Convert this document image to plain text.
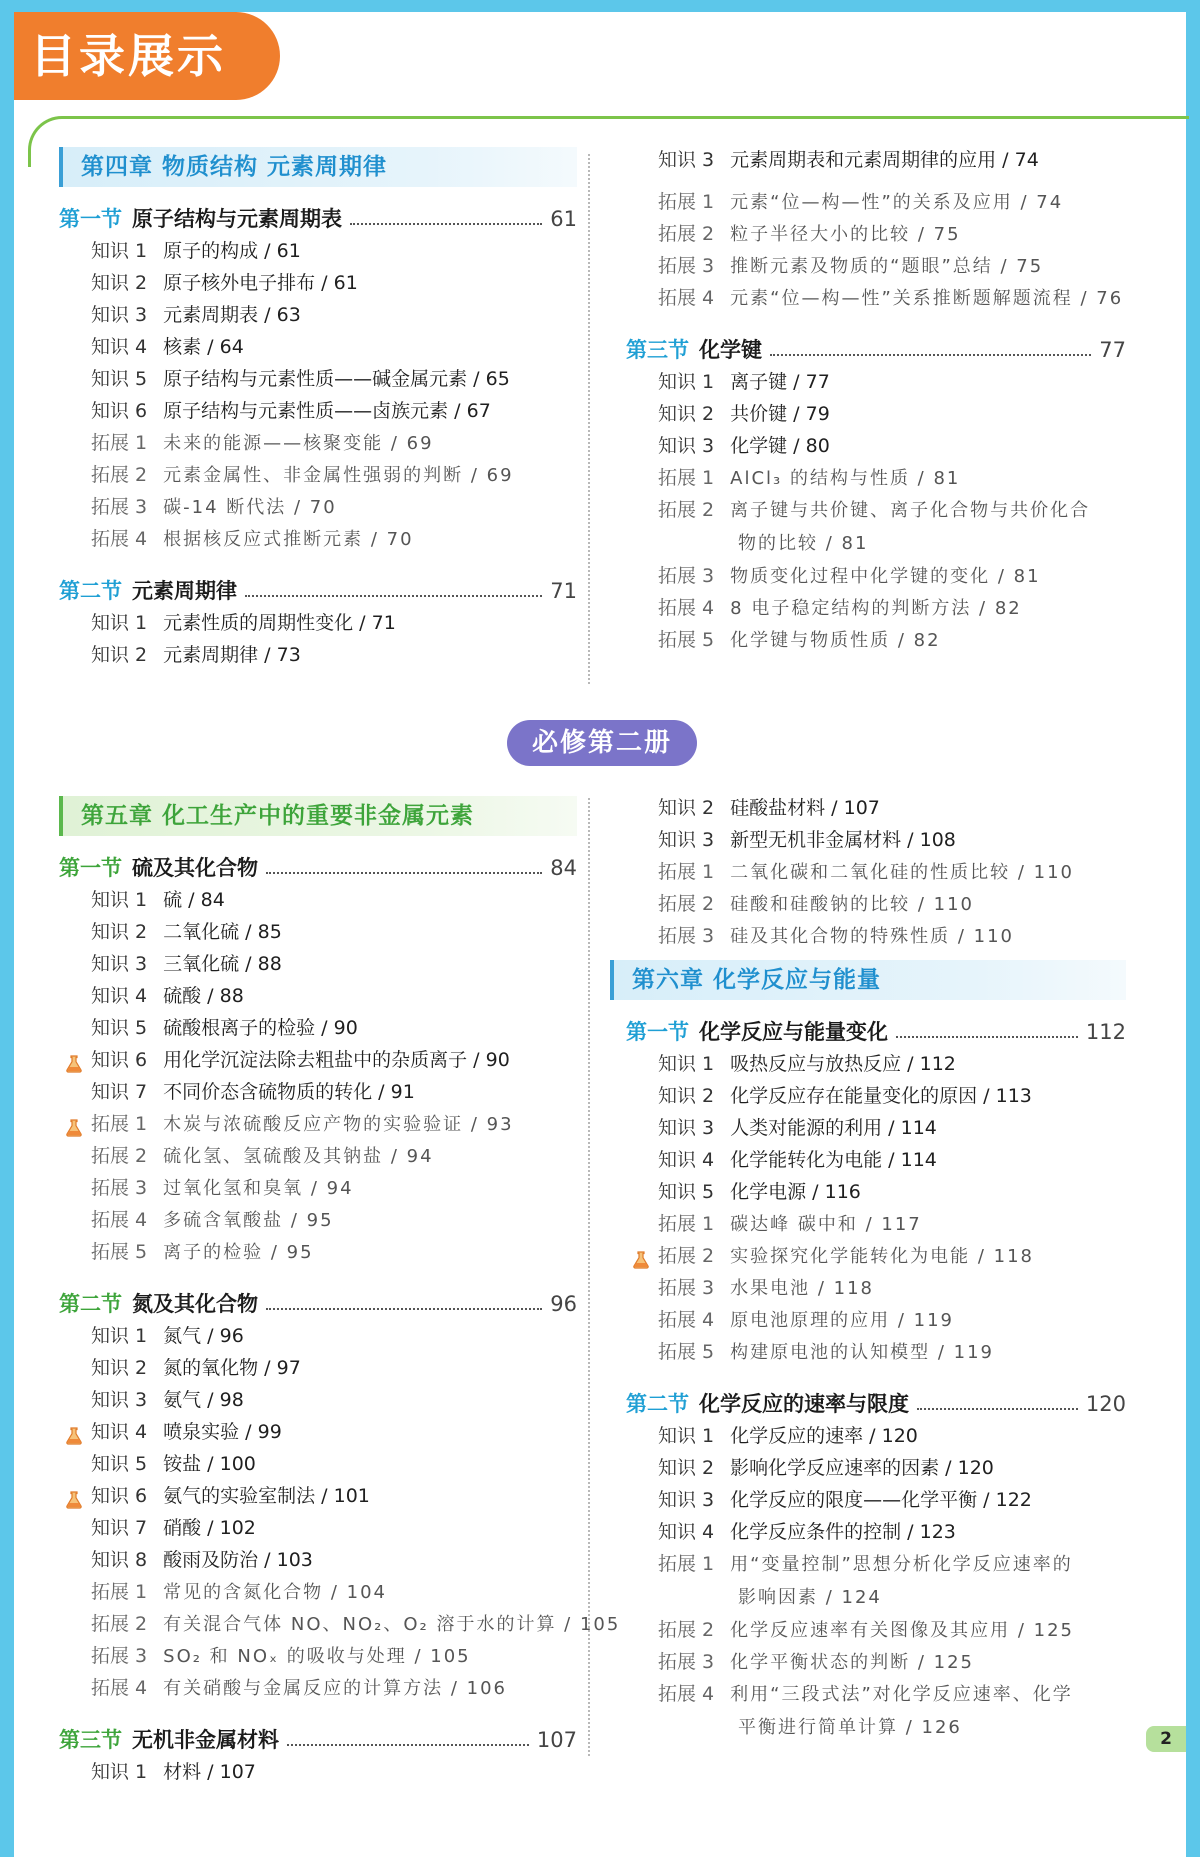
目录展示
第四章 物质结构 元素周期律
第一节 原子结构与元素周期表	61
知识 1 原子的构成 / 61
知识 2 原子核外电子排布 / 61
知识 3 元素周期表 / 63
知识 4 核素 / 64
知识 5 原子结构与元素性质——碱金属元素 / 65
知识 6 原子结构与元素性质——卤族元素 / 67
拓展 1 未来的能源——核聚变能 / 69
拓展 2 元素金属性、非金属性强弱的判断 / 69
拓展 3 碳-14 断代法 / 70
拓展 4 根据核反应式推断元素 / 70
第二节 元素周期律	71
知识 1 元素性质的周期性变化 / 71
知识 2 元素周期律 / 73
知识 3 元素周期表和元素周期律的应用 / 74
拓展 1 元素“位—构—性”的关系及应用 / 74
拓展 2 粒子半径大小的比较 / 75
拓展 3 推断元素及物质的“题眼”总结 / 75
拓展 4 元素“位—构—性”关系推断题解题流程 / 76
第三节 化学键	77
知识 1 离子键 / 77
知识 2 共价键 / 79
知识 3 化学键 / 80
拓展 1 AlCl₃ 的结构与性质 / 81
拓展 2 离子键与共价键、离子化合物与共价化合物的比较 / 81
拓展 3 物质变化过程中化学键的变化 / 81
拓展 4 8 电子稳定结构的判断方法 / 82
拓展 5 化学键与物质性质 / 82
必修第二册
第五章 化工生产中的重要非金属元素
第一节 硫及其化合物	84
知识 1 硫 / 84
知识 2 二氧化硫 / 85
知识 3 三氧化硫 / 88
知识 4 硫酸 / 88
知识 5 硫酸根离子的检验 / 90
知识 6 用化学沉淀法除去粗盐中的杂质离子 / 90
知识 7 不同价态含硫物质的转化 / 91
拓展 1 木炭与浓硫酸反应产物的实验验证 / 93
拓展 2 硫化氢、氢硫酸及其钠盐 / 94
拓展 3 过氧化氢和臭氧 / 94
拓展 4 多硫含氧酸盐 / 95
拓展 5 离子的检验 / 95
第二节 氮及其化合物	96
知识 1 氮气 / 96
知识 2 氮的氧化物 / 97
知识 3 氨气 / 98
知识 4 喷泉实验 / 99
知识 5 铵盐 / 100
知识 6 氨气的实验室制法 / 101
知识 7 硝酸 / 102
知识 8 酸雨及防治 / 103
拓展 1 常见的含氮化合物 / 104
拓展 2 有关混合气体 NO、NO₂、O₂ 溶于水的计算 / 105
拓展 3 SO₂ 和 NOₓ 的吸收与处理 / 105
拓展 4 有关硝酸与金属反应的计算方法 / 106
第三节 无机非金属材料	107
知识 1 材料 / 107
知识 2 硅酸盐材料 / 107
知识 3 新型无机非金属材料 / 108
拓展 1 二氧化碳和二氧化硅的性质比较 / 110
拓展 2 硅酸和硅酸钠的比较 / 110
拓展 3 硅及其化合物的特殊性质 / 110
第六章 化学反应与能量
第一节 化学反应与能量变化	112
知识 1 吸热反应与放热反应 / 112
知识 2 化学反应存在能量变化的原因 / 113
知识 3 人类对能源的利用 / 114
知识 4 化学能转化为电能 / 114
知识 5 化学电源 / 116
拓展 1 碳达峰 碳中和 / 117
拓展 2 实验探究化学能转化为电能 / 118
拓展 3 水果电池 / 118
拓展 4 原电池原理的应用 / 119
拓展 5 构建原电池的认知模型 / 119
第二节 化学反应的速率与限度	120
知识 1 化学反应的速率 / 120
知识 2 影响化学反应速率的因素 / 120
知识 3 化学反应的限度——化学平衡 / 122
知识 4 化学反应条件的控制 / 123
拓展 1 用“变量控制”思想分析化学反应速率的影响因素 / 124
拓展 2 化学反应速率有关图像及其应用 / 125
拓展 3 化学平衡状态的判断 / 125
拓展 4 利用“三段式法”对化学反应速率、化学平衡进行简单计算 / 126
2
